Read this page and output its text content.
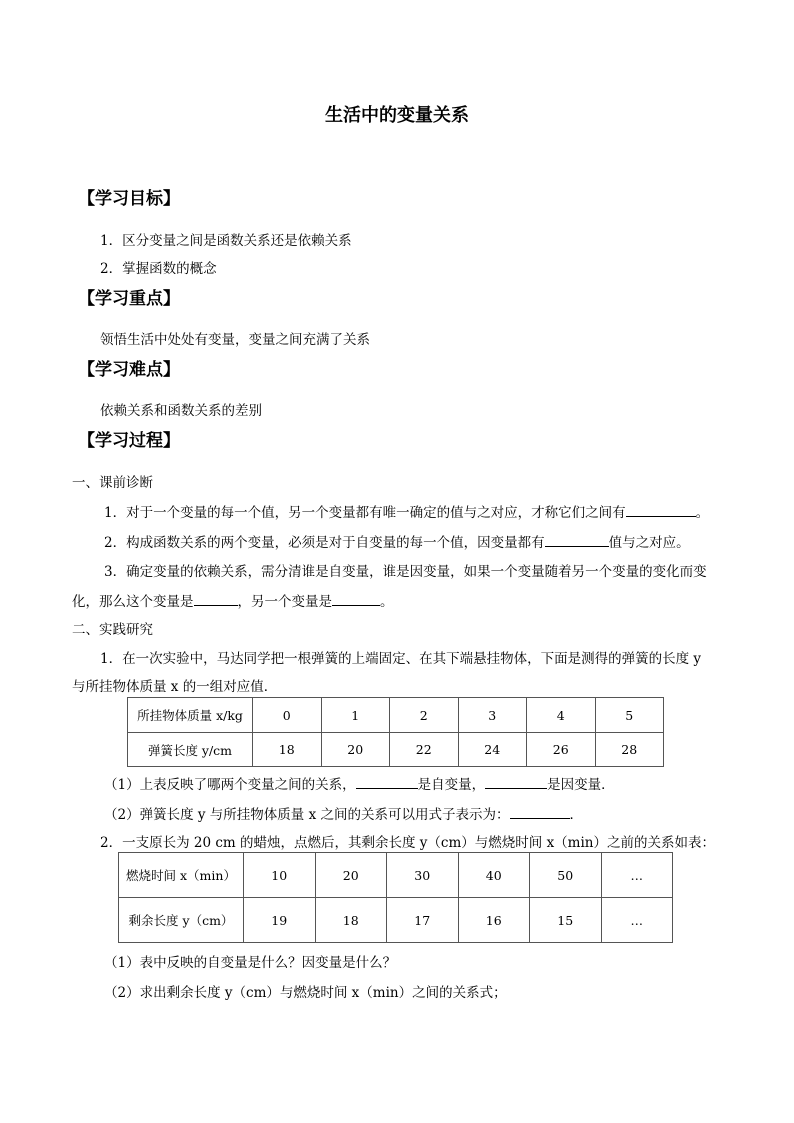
生活中的变量关系
【学习目标】
1．区分变量之间是函数关系还是依赖关系
2．掌握函数的概念
【学习重点】
领悟生活中处处有变量，变量之间充满了关系
【学习难点】
依赖关系和函数关系的差别
【学习过程】
一、课前诊断
1．对于一个变量的每一个值，另一个变量都有唯一确定的值与之对应，才称它们之间有	。
2．构成函数关系的两个变量，必须是对于自变量的每一个值，因变量都有	值与之对应。
3．确定变量的依赖关系，需分清谁是自变量，谁是因变量，如果一个变量随着另一个变量的变化而变
化，那么这个变量是	，另一个变量是	。
二、实践研究
1．在一次实验中，马达同学把一根弹簧的上端固定、在其下端悬挂物体，下面是测得的弹簧的长度 y
与所挂物体质量 x 的一组对应值．
所挂物体质量 x/kg	0	1	2	3	4	5
弹簧长度 y/cm	18	20	22	24	26	28
（1）上表反映了哪两个变量之间的关系，	是自变量，	是因变量．
（2）弹簧长度 y 与所挂物体质量 x 之间的关系可以用式子表示为：	．
2．一支原长为 20 cm 的蜡烛，点燃后，其剩余长度 y（cm）与燃烧时间 x（min）之前的关系如表：
燃烧时间 x（min）	10	20	30	40	50	…
剩余长度 y（cm）	19	18	17	16	15	…
（1）表中反映的自变量是什么？因变量是什么？
（2）求出剩余长度 y（cm）与燃烧时间 x（min）之间的关系式；
